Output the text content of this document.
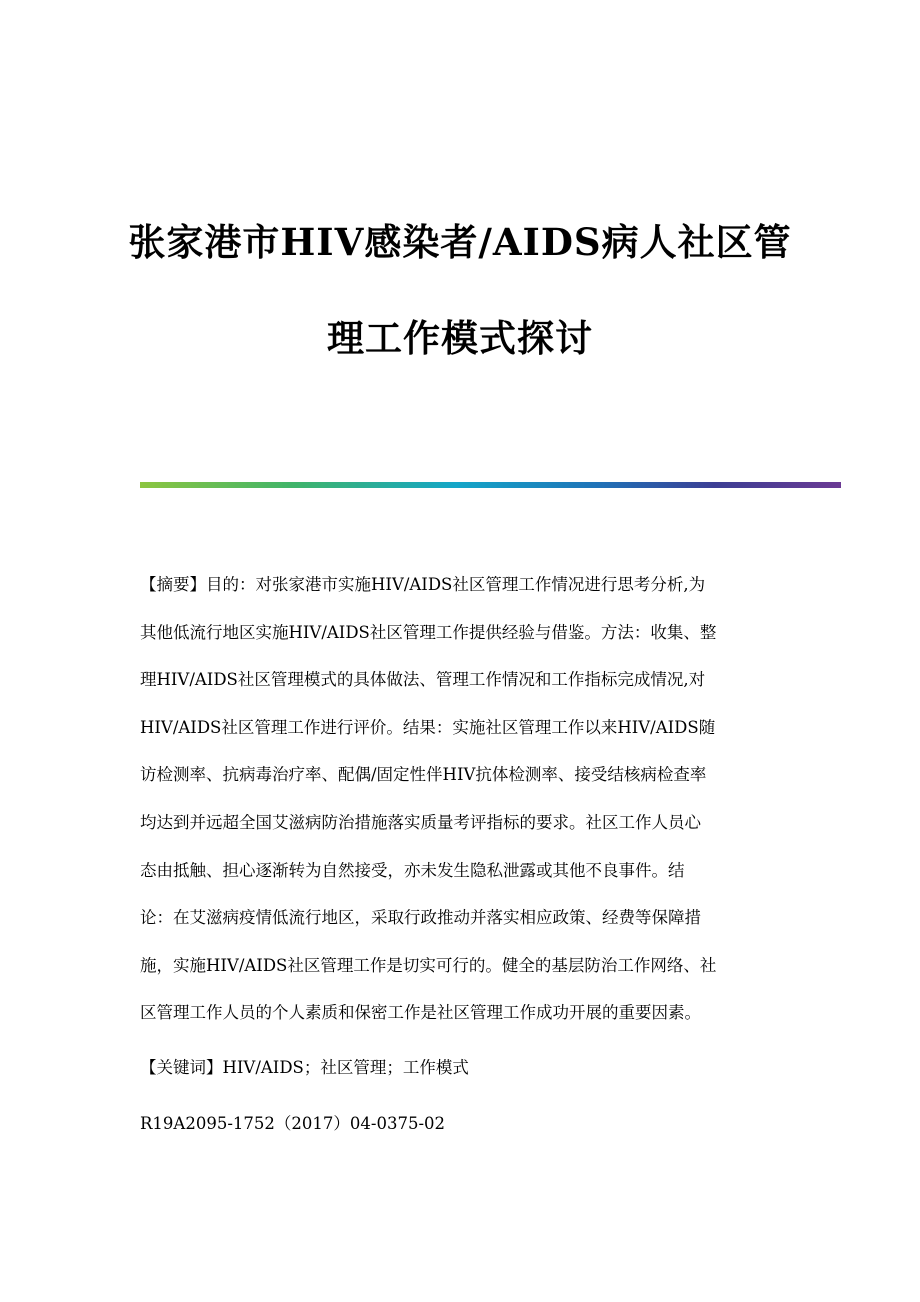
张家港市HIV感染者/AIDS病人社区管
理工作模式探讨

【摘要】目的：对张家港市实施HIV/AIDS社区管理工作情况进行思考分析,为
其他低流行地区实施HIV/AIDS社区管理工作提供经验与借鉴。方法：收集、整
理HIV/AIDS社区管理模式的具体做法、管理工作情况和工作指标完成情况,对
HIV/AIDS社区管理工作进行评价。结果：实施社区管理工作以来HIV/AIDS随
访检测率、抗病毒治疗率、配偶/固定性伴HIV抗体检测率、接受结核病检查率
均达到并远超全国艾滋病防治措施落实质量考评指标的要求。社区工作人员心
态由抵触、担心逐渐转为自然接受，亦未发生隐私泄露或其他不良事件。结
论：在艾滋病疫情低流行地区，采取行政推动并落实相应政策、经费等保障措
施，实施HIV/AIDS社区管理工作是切实可行的。健全的基层防治工作网络、社
区管理工作人员的个人素质和保密工作是社区管理工作成功开展的重要因素。

【关键词】HIV/AIDS；社区管理；工作模式

R19A2095-1752（2017）04-0375-02
